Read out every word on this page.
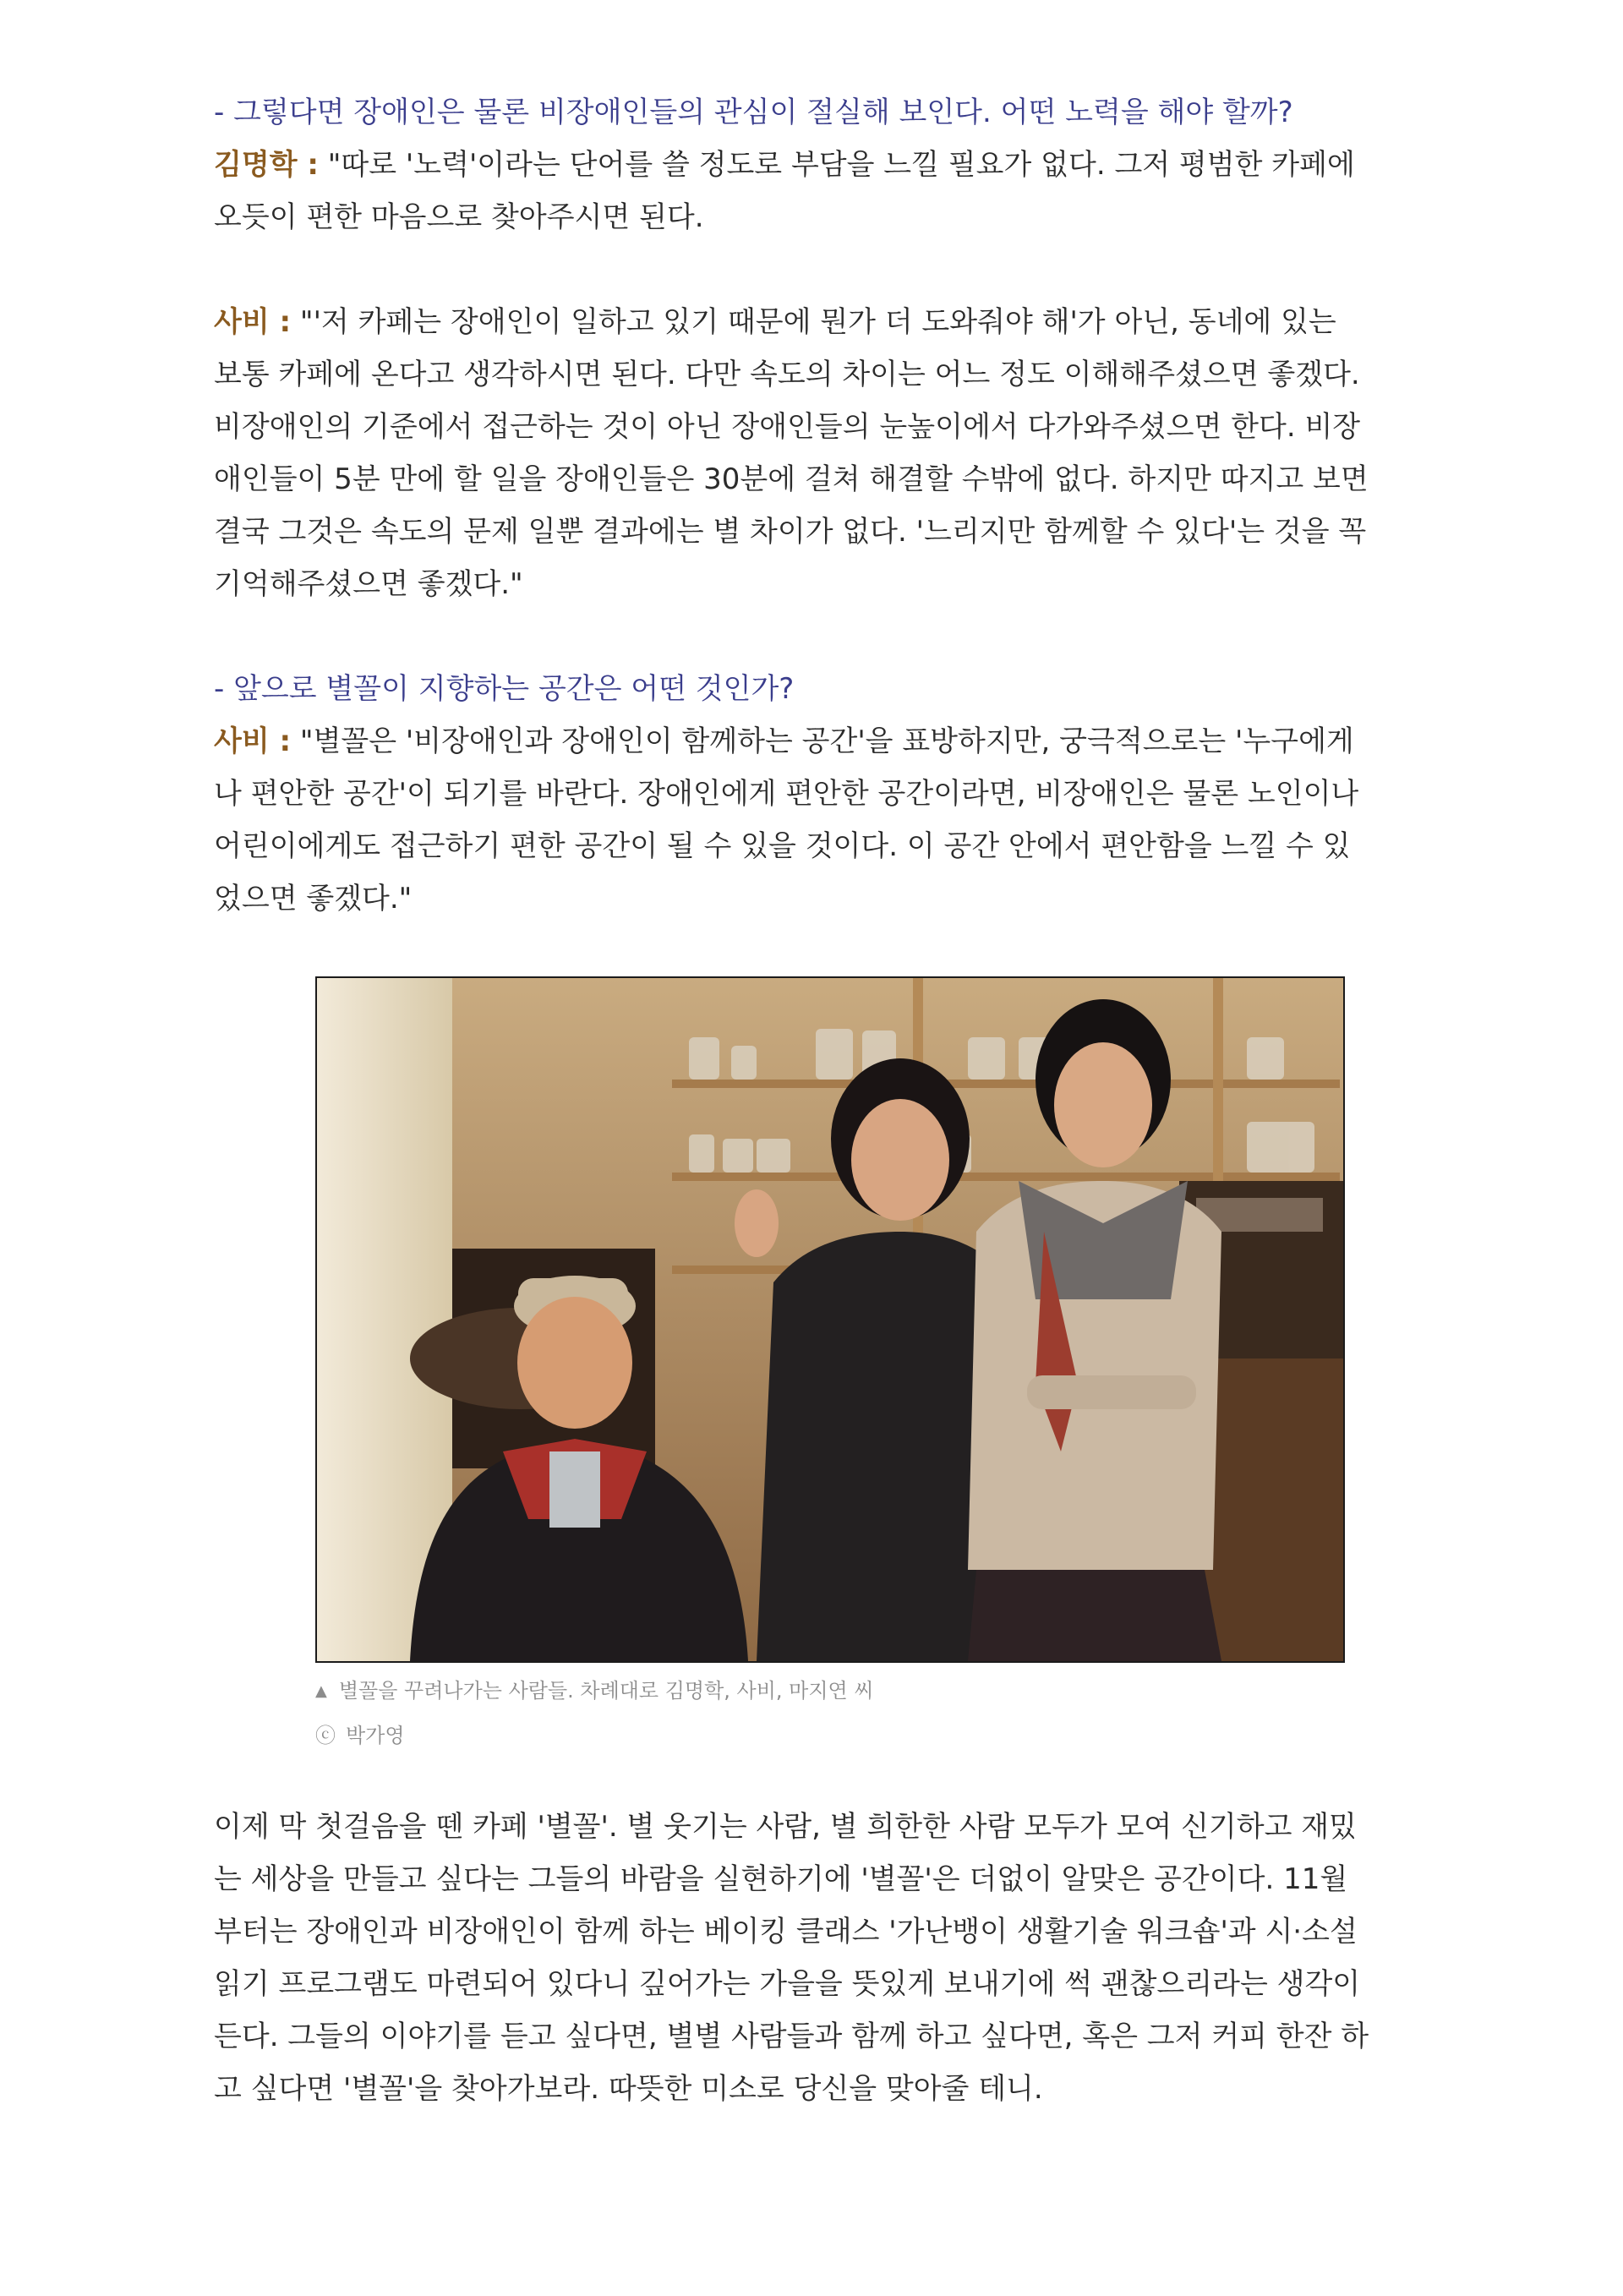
- 그렇다면 장애인은 물론 비장애인들의 관심이 절실해 보인다. 어떤 노력을 해야 할까?

김명학 : "따로 '노력'이라는 단어를 쓸 정도로 부담을 느낄 필요가 없다. 그저 평범한 카페에

오듯이 편한 마음으로 찾아주시면 된다.

사비 : "'저 카페는 장애인이 일하고 있기 때문에 뭔가 더 도와줘야 해'가 아닌, 동네에 있는

보통 카페에 온다고 생각하시면 된다. 다만 속도의 차이는 어느 정도 이해해주셨으면 좋겠다.

비장애인의 기준에서 접근하는 것이 아닌 장애인들의 눈높이에서 다가와주셨으면 한다. 비장

애인들이 5분 만에 할 일을 장애인들은 30분에 걸쳐 해결할 수밖에 없다. 하지만 따지고 보면

결국 그것은 속도의 문제 일뿐 결과에는 별 차이가 없다. '느리지만 함께할 수 있다'는 것을 꼭

기억해주셨으면 좋겠다."

- 앞으로 별꼴이 지향하는 공간은 어떤 것인가?

사비 : "별꼴은 '비장애인과 장애인이 함께하는 공간'을 표방하지만, 궁극적으로는 '누구에게

나 편안한 공간'이 되기를 바란다. 장애인에게 편안한 공간이라면, 비장애인은 물론 노인이나

어린이에게도 접근하기 편한 공간이 될 수 있을 것이다. 이 공간 안에서 편안함을 느낄 수 있

었으면 좋겠다."

▲ 별꼴을 꾸려나가는 사람들. 차례대로 김명학, 사비, 마지연 씨
ⓒ 박가영

이제 막 첫걸음을 뗀 카페 '별꼴'. 별 웃기는 사람, 별 희한한 사람 모두가 모여 신기하고 재밌

는 세상을 만들고 싶다는 그들의 바람을 실현하기에 '별꼴'은 더없이 알맞은 공간이다. 11월

부터는 장애인과 비장애인이 함께 하는 베이킹 클래스 '가난뱅이 생활기술 워크숍'과 시·소설

읽기 프로그램도 마련되어 있다니 깊어가는 가을을 뜻있게 보내기에 썩 괜찮으리라는 생각이

든다. 그들의 이야기를 듣고 싶다면, 별별 사람들과 함께 하고 싶다면, 혹은 그저 커피 한잔 하

고 싶다면 '별꼴'을 찾아가보라. 따뜻한 미소로 당신을 맞아줄 테니.
